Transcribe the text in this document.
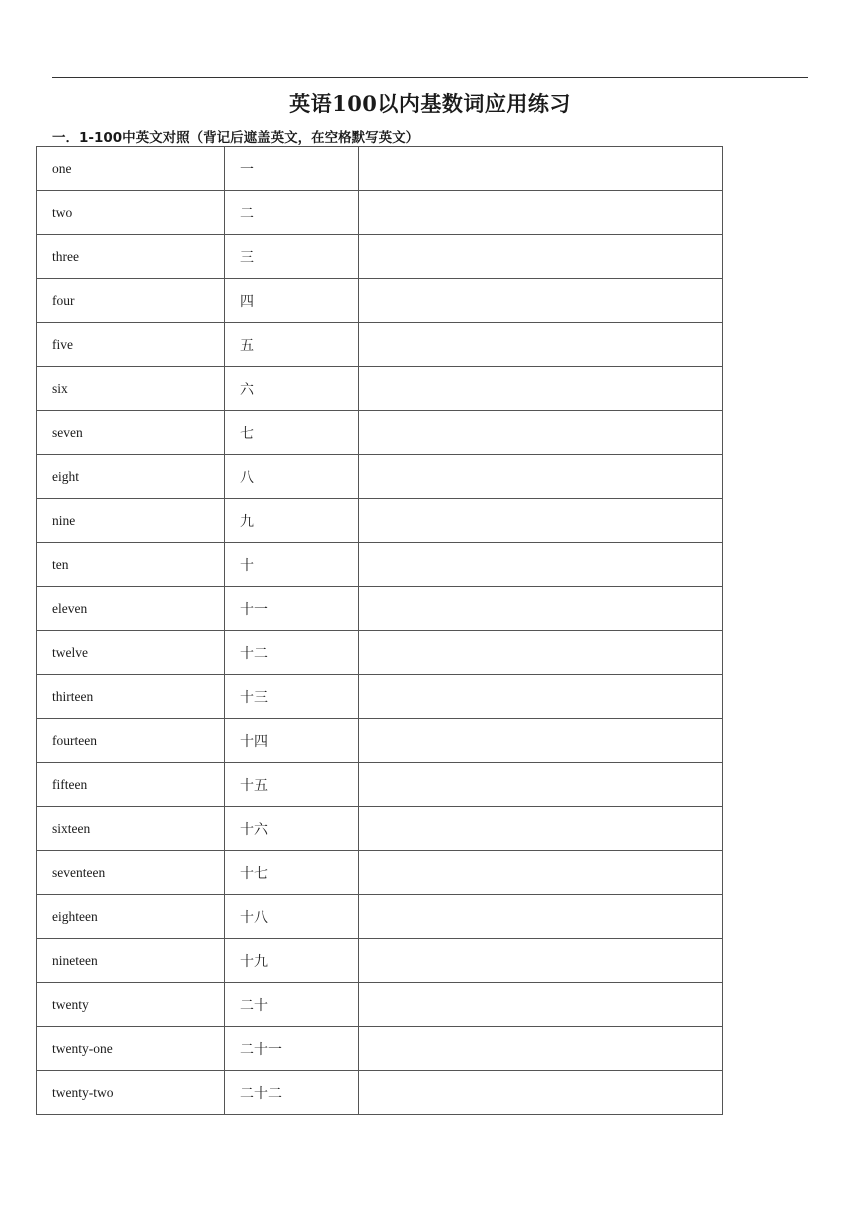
英语100以内基数词应用练习
一．1-100中英文对照（背记后遮盖英文，在空格默写英文）
one	一	
two	二	
three	三	
four	四	
five	五	
six	六	
seven	七	
eight	八	
nine	九	
ten	十	
eleven	十一	
twelve	十二	
thirteen	十三	
fourteen	十四	
fifteen	十五	
sixteen	十六	
seventeen	十七	
eighteen	十八	
nineteen	十九	
twenty	二十	
twenty-one	二十一	
twenty-two	二十二	
